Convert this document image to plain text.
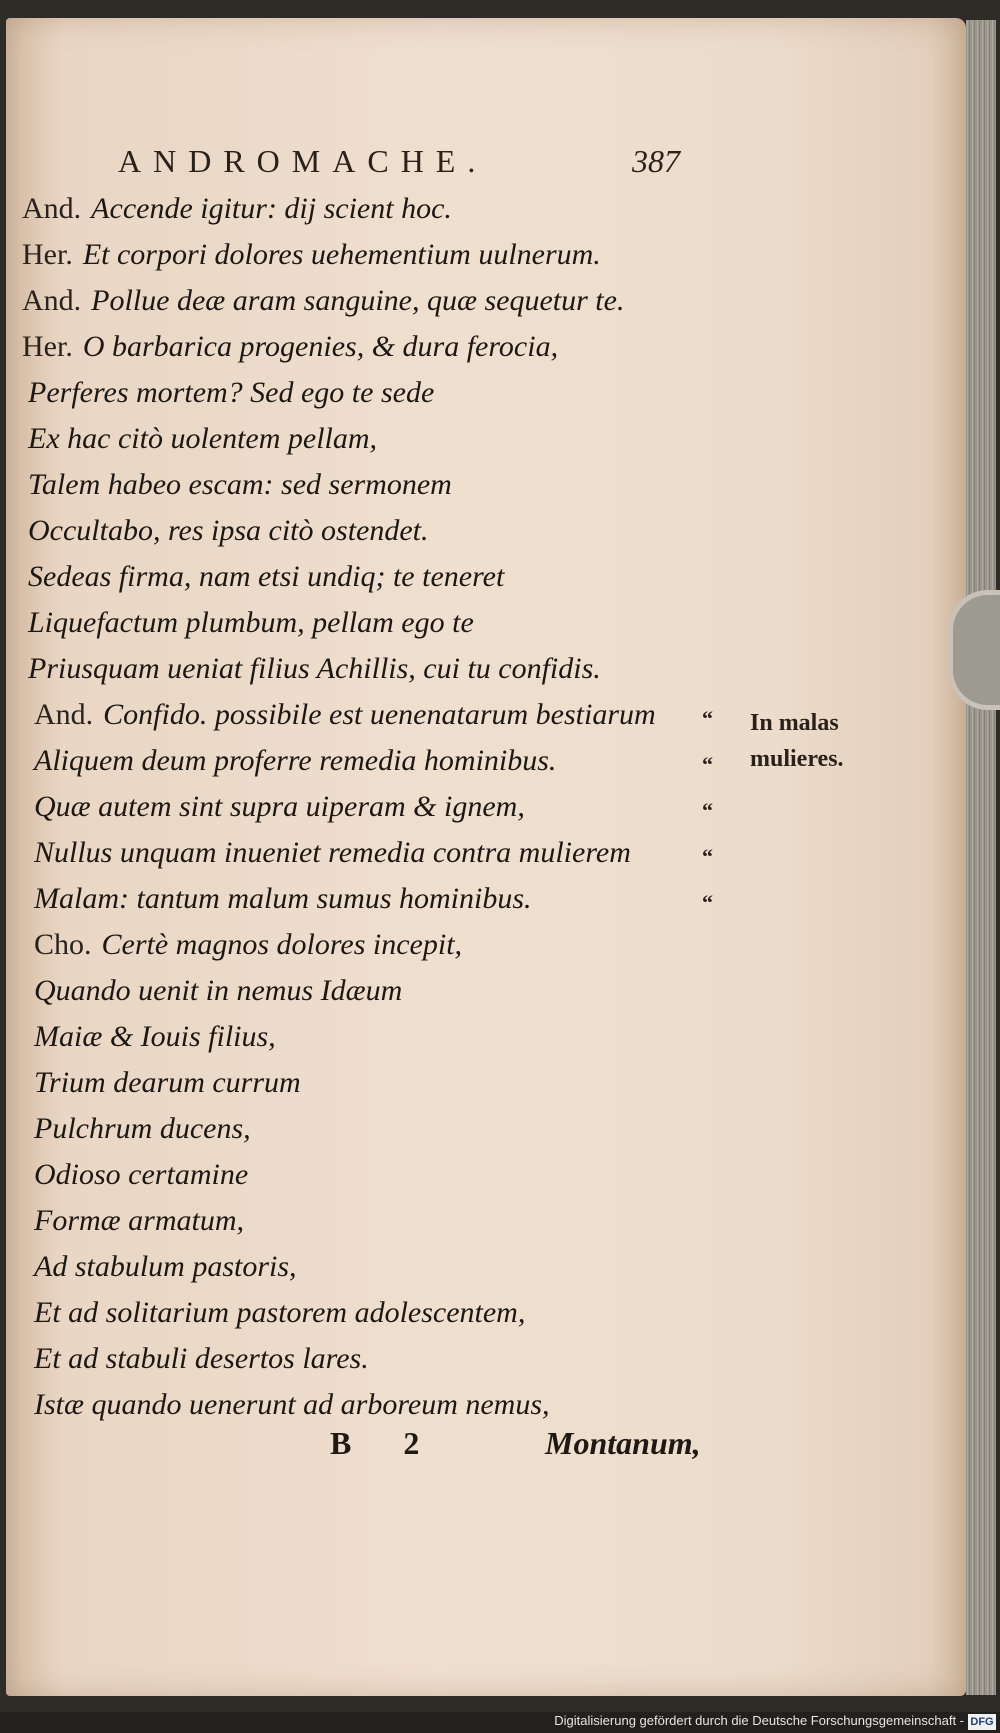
ANDROMACHE.	387
And. Accende igitur: dij scient hoc.
Her. Et corpori dolores uehementium uulnerum.
And. Pollue deæ aram sanguine, quæ sequetur te.
Her. O barbarica progenies, & dura ferocia,
Perferes mortem? Sed ego te sede
Ex hac citò uolentem pellam,
Talem habeo escam: sed sermonem
Occultabo, res ipsa citò ostendet.
Sedeas firma, nam etsi undiq; te teneret
Liquefactum plumbum, pellam ego te
Priusquam ueniat filius Achillis, cui tu confidis.
And. Confido. possibile est uenenatarum bestiarum
Aliquem deum proferre remedia hominibus.
Quæ autem sint supra uiperam & ignem,
Nullus unquam inueniet remedia contra mulierem
Malam: tantum malum sumus hominibus.
Cho. Certè magnos dolores incepit,
Quando uenit in nemus Idæum
Maiæ & Iouis filius,
Trium dearum currum
Pulchrum ducens,
Odioso certamine
Formæ armatum,
Ad stabulum pastoris,
Et ad solitarium pastorem adolescentem,
Et ad stabuli desertos lares.
Istæ quando uenerunt ad arboreum nemus,
“
“
“
“
“
In malas
mulieres.
B 2	Montanum,
Digitalisierung gefördert durch die Deutsche Forschungsgemeinschaft - DFG
